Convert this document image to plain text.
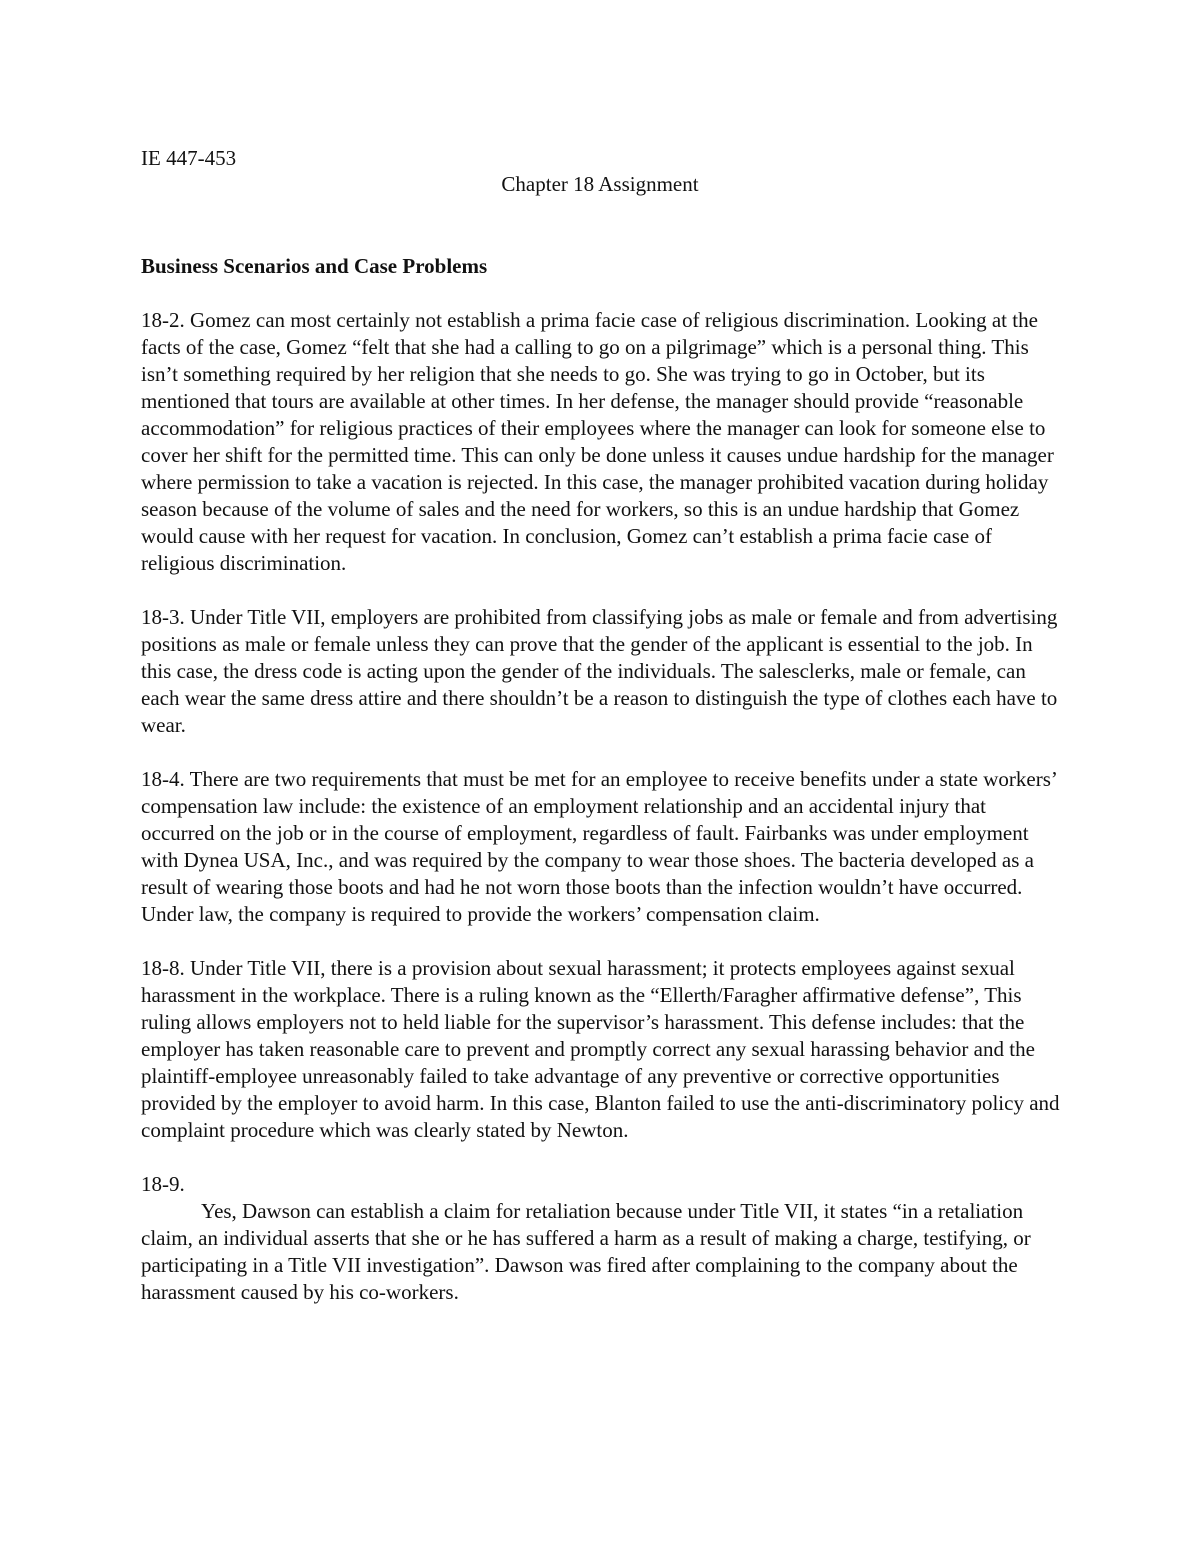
IE 447-453

Chapter 18 Assignment

Business Scenarios and Case Problems

18-2. Gomez can most certainly not establish a prima facie case of religious discrimination. Looking at the facts of the case, Gomez “felt that she had a calling to go on a pilgrimage” which is a personal thing. This isn’t something required by her religion that she needs to go. She was trying to go in October, but its mentioned that tours are available at other times. In her defense, the manager should provide “reasonable accommodation” for religious practices of their employees where the manager can look for someone else to cover her shift for the permitted time. This can only be done unless it causes undue hardship for the manager where permission to take a vacation is rejected. In this case, the manager prohibited vacation during holiday season because of the volume of sales and the need for workers, so this is an undue hardship that Gomez would cause with her request for vacation. In conclusion, Gomez can’t establish a prima facie case of religious discrimination.

18-3. Under Title VII, employers are prohibited from classifying jobs as male or female and from advertising positions as male or female unless they can prove that the gender of the applicant is essential to the job. In this case, the dress code is acting upon the gender of the individuals. The salesclerks, male or female, can each wear the same dress attire and there shouldn’t be a reason to distinguish the type of clothes each have to wear.

18-4. There are two requirements that must be met for an employee to receive benefits under a state workers’ compensation law include: the existence of an employment relationship and an accidental injury that occurred on the job or in the course of employment, regardless of fault. Fairbanks was under employment with Dynea USA, Inc., and was required by the company to wear those shoes. The bacteria developed as a result of wearing those boots and had he not worn those boots than the infection wouldn’t have occurred. Under law, the company is required to provide the workers’ compensation claim.

18-8. Under Title VII, there is a provision about sexual harassment; it protects employees against sexual harassment in the workplace. There is a ruling known as the “Ellerth/Faragher affirmative defense”, This ruling allows employers not to held liable for the supervisor’s harassment. This defense includes: that the employer has taken reasonable care to prevent and promptly correct any sexual harassing behavior and the plaintiff-employee unreasonably failed to take advantage of any preventive or corrective opportunities provided by the employer to avoid harm. In this case, Blanton failed to use the anti-discriminatory policy and complaint procedure which was clearly stated by Newton.

18-9.

Yes, Dawson can establish a claim for retaliation because under Title VII, it states “in a retaliation claim, an individual asserts that she or he has suffered a harm as a result of making a charge, testifying, or participating in a Title VII investigation”. Dawson was fired after complaining to the company about the harassment caused by his co-workers.
